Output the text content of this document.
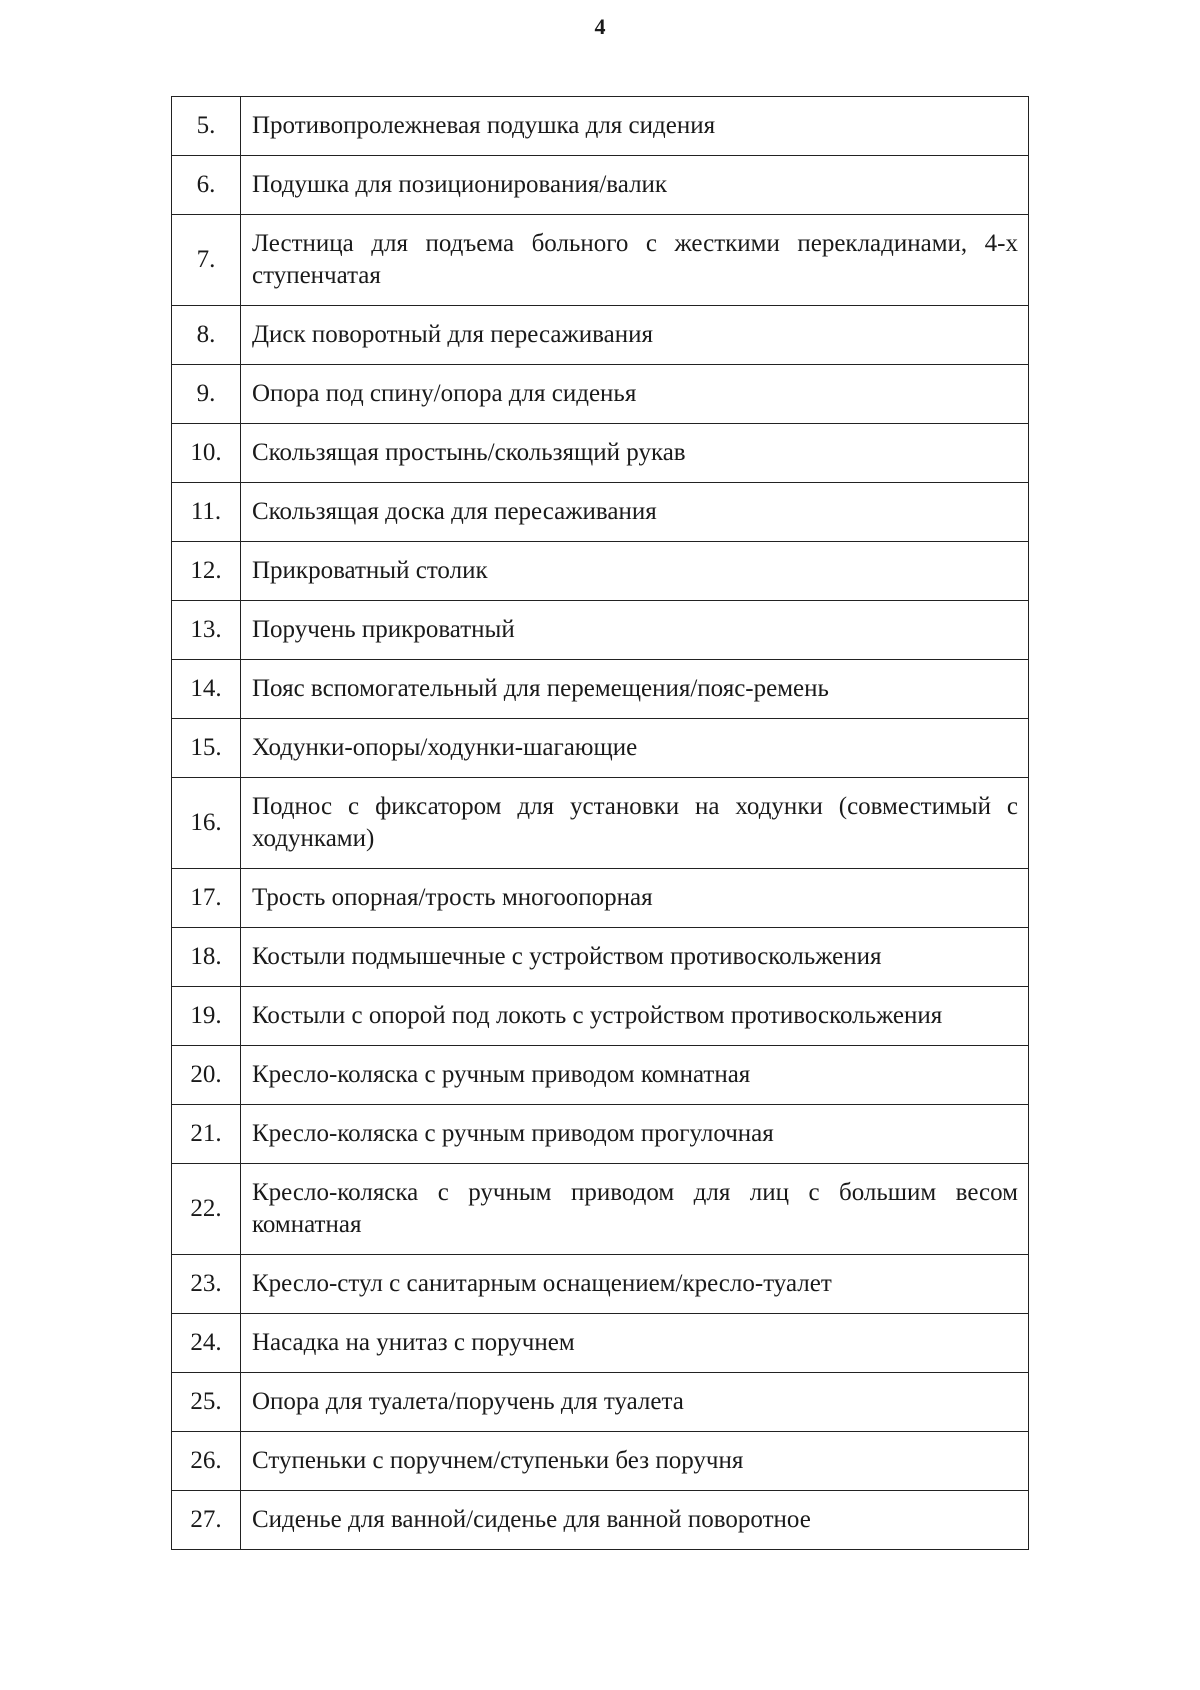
4
5.	Противопролежневая подушка для сидения
6.	Подушка для позиционирования/валик
7.	Лестница для подъема больного с жесткими перекладинами, 4-х ступенчатая
8.	Диск поворотный для пересаживания
9.	Опора под спину/опора для сиденья
10.	Скользящая простынь/скользящий рукав
11.	Скользящая доска для пересаживания
12.	Прикроватный столик
13.	Поручень прикроватный
14.	Пояс вспомогательный для перемещения/пояс-ремень
15.	Ходунки-опоры/ходунки-шагающие
16.	Поднос с фиксатором для установки на ходунки (совместимый с ходунками)
17.	Трость опорная/трость многоопорная
18.	Костыли подмышечные с устройством противоскольжения
19.	Костыли с опорой под локоть с устройством противоскольжения
20.	Кресло-коляска с ручным приводом комнатная
21.	Кресло-коляска с ручным приводом прогулочная
22.	Кресло-коляска с ручным приводом для лиц с большим весом комнатная
23.	Кресло-стул с санитарным оснащением/кресло-туалет
24.	Насадка на унитаз с поручнем
25.	Опора для туалета/поручень для туалета
26.	Ступеньки с поручнем/ступеньки без поручня
27.	Сиденье для ванной/сиденье для ванной поворотное
